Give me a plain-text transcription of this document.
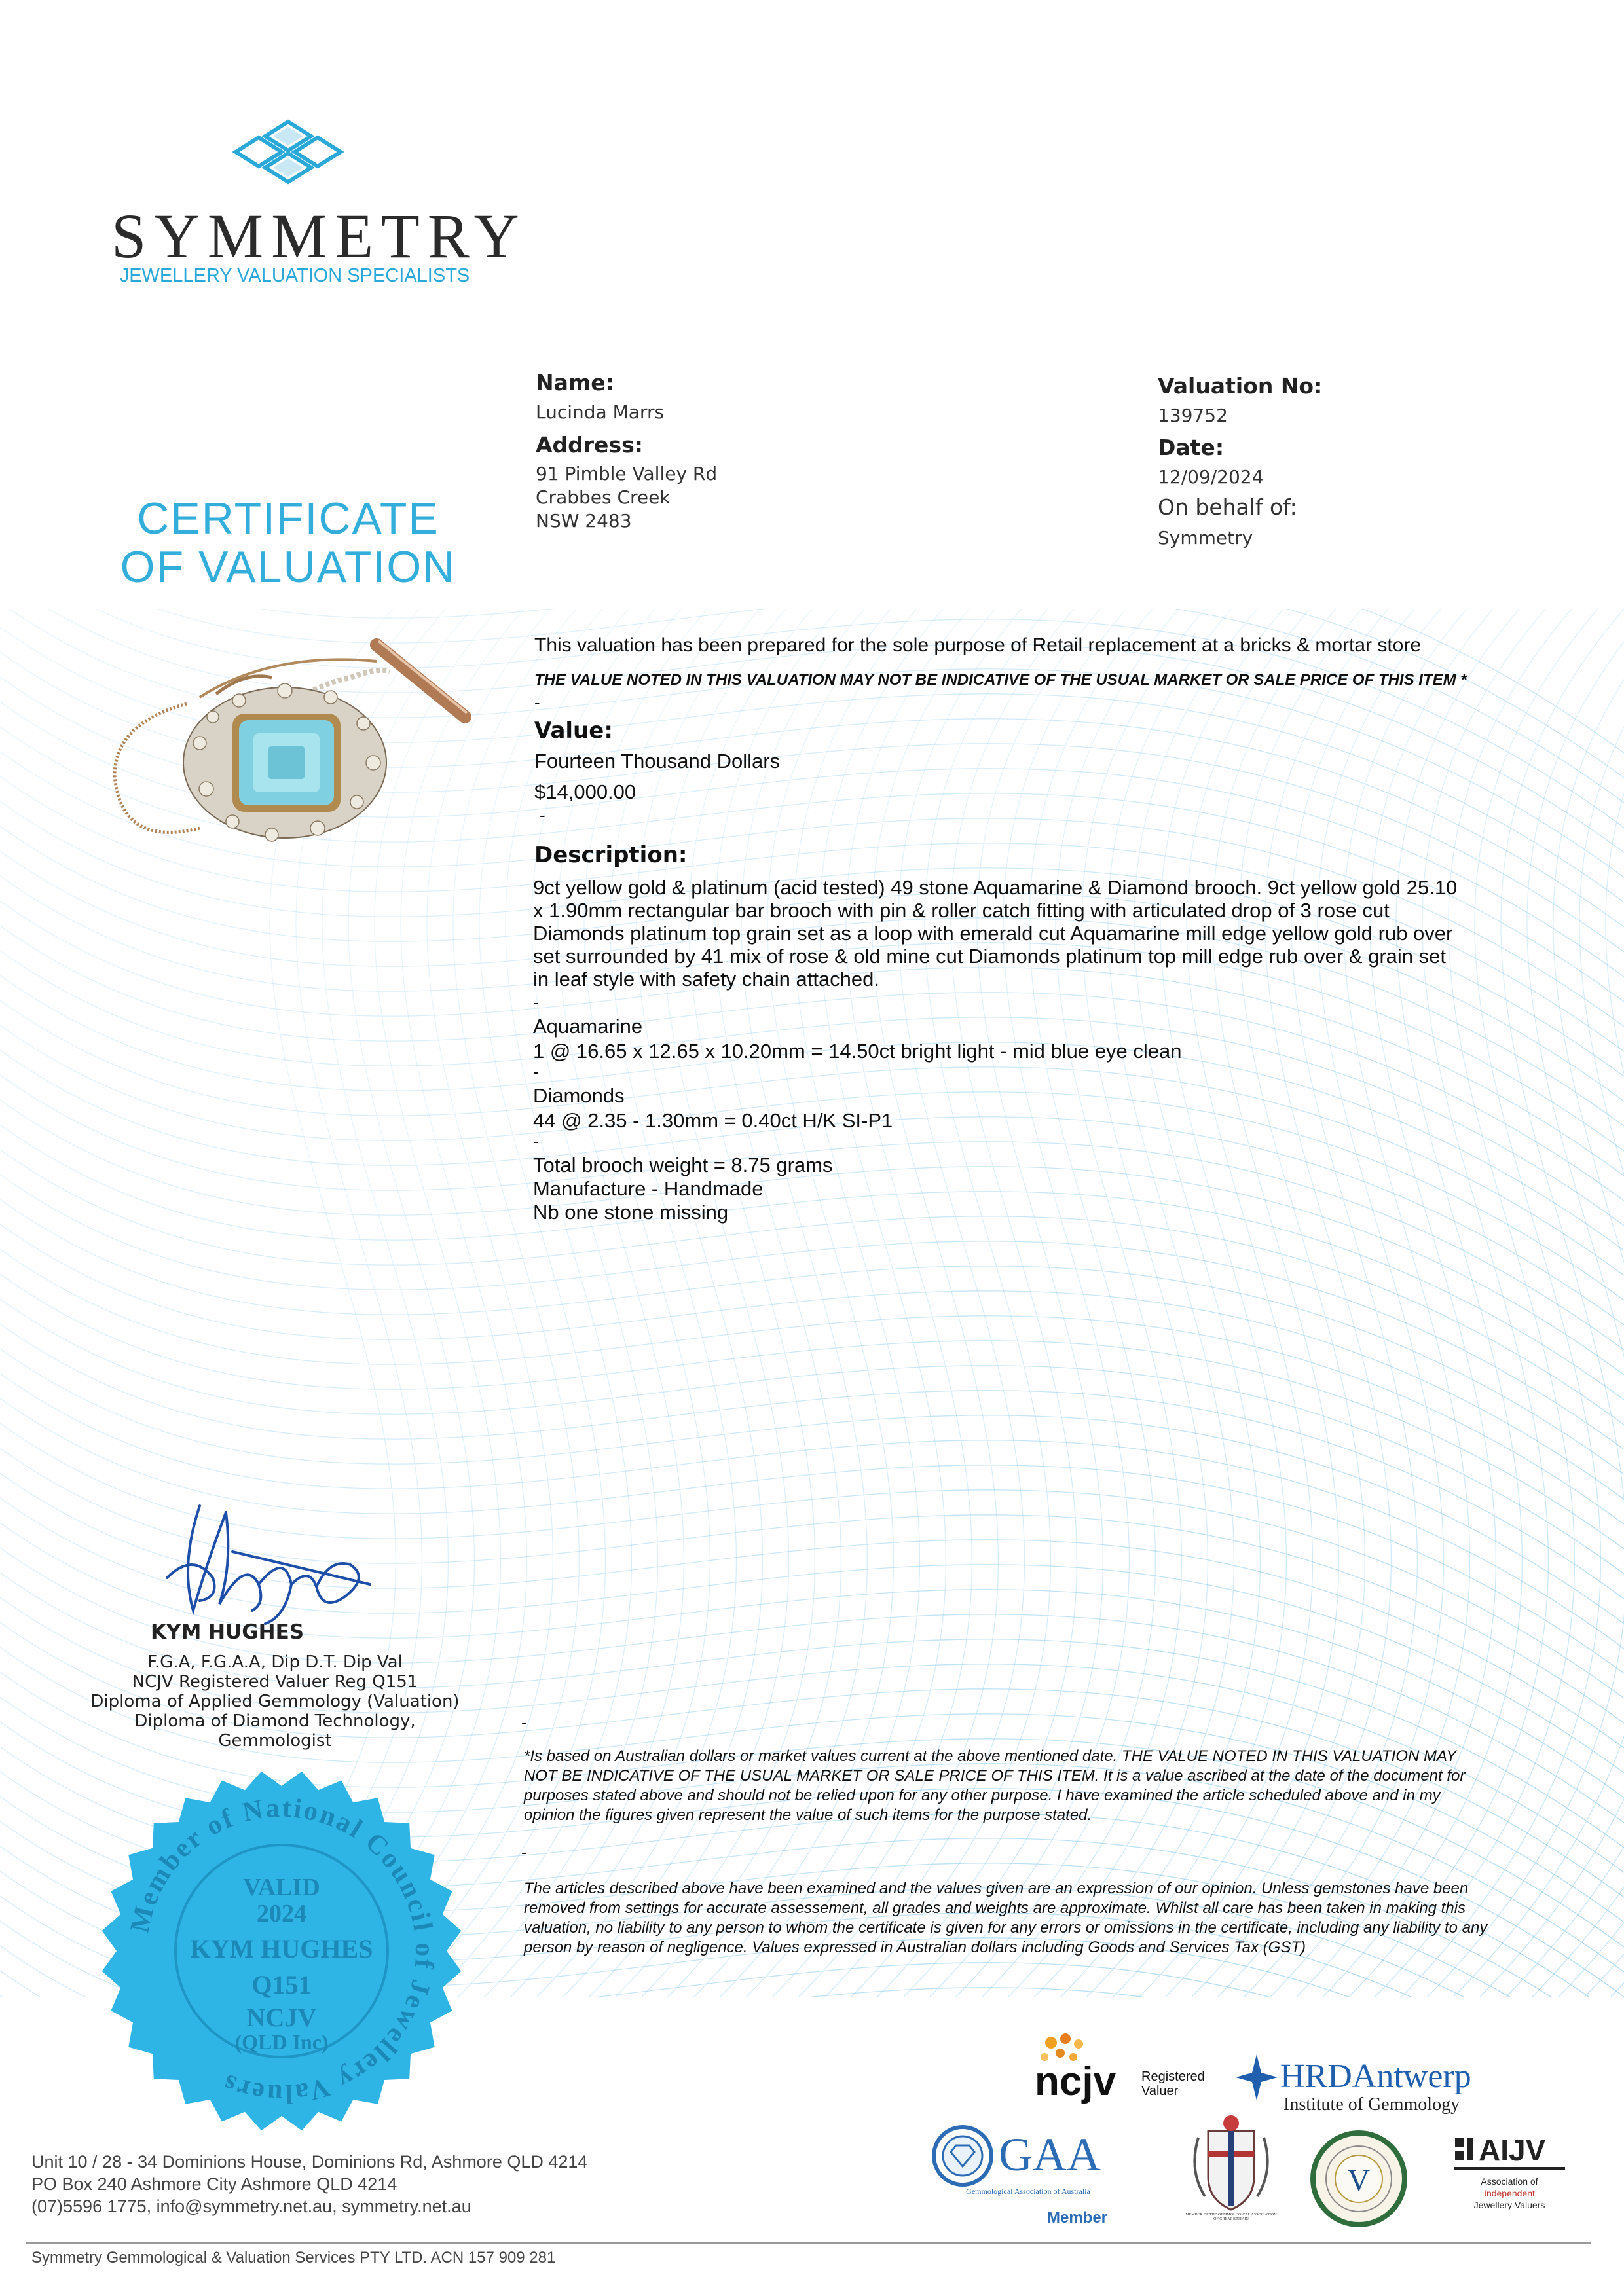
SYMMETRY
JEWELLERY VALUATION SPECIALISTS
CERTIFICATE
OF VALUATION
Name:
Lucinda Marrs
Address:
91 Pimble Valley Rd
Crabbes Creek
NSW 2483
Valuation No:
139752
Date:
12/09/2024
On behalf of:
Symmetry
This valuation has been prepared for the sole purpose of Retail replacement at a bricks & mortar store
THE VALUE NOTED IN THIS VALUATION MAY NOT BE INDICATIVE OF THE USUAL MARKET OR SALE PRICE OF THIS ITEM *
-
Value:
Fourteen Thousand Dollars
$14,000.00
-
Description:
9ct yellow gold & platinum (acid tested) 49 stone Aquamarine & Diamond brooch. 9ct yellow gold 25.10
x 1.90mm rectangular bar brooch with pin & roller catch fitting with articulated drop of 3 rose cut
Diamonds platinum top grain set as a loop with emerald cut Aquamarine mill edge yellow gold rub over
set surrounded by 41 mix of rose & old mine cut Diamonds platinum top mill edge rub over & grain set
in leaf style with safety chain attached.
-
Aquamarine
1 @ 16.65 x 12.65 x 10.20mm = 14.50ct bright light - mid blue eye clean
-
Diamonds
44 @ 2.35 - 1.30mm = 0.40ct H/K SI-P1
-
Total brooch weight = 8.75 grams
Manufacture - Handmade
Nb one stone missing
KYM HUGHES
F.G.A, F.G.A.A, Dip D.T. Dip Val
NCJV Registered Valuer Reg Q151
Diploma of Applied Gemmology (Valuation)
Diploma of Diamond Technology,
Gemmologist
Member of National Council of Jewellery Valuers
VALID
2024
KYM HUGHES
Q151
NCJV
(QLD Inc)
-
*Is based on Australian dollars or market values current at the above mentioned date. THE VALUE NOTED IN THIS VALUATION MAY NOT BE INDICATIVE OF THE USUAL MARKET OR SALE PRICE OF THIS ITEM. It is a value ascribed at the date of the document for purposes stated above and should not be relied upon for any other purpose. I have examined the article scheduled above and in my opinion the figures given represent the value of such items for the purpose stated.
-
The articles described above have been examined and the values given are an expression of our opinion. Unless gemstones have been removed from settings for accurate assessement, all grades and weights are approximate. Whilst all care has been taken in making this valuation, no liability to any person to whom the certificate is given for any errors or omissions in the certificate, including any liability to any person by reason of negligence. Values expressed in Australian dollars including Goods and Services Tax (GST)
ncjv Registered
Valuer	HRDAntwerp
Institute of Gemmology
GAA
Gemmological Association of Australia
Member	MEMBER OF THE GEMMOLOGICAL ASSOCIATION OF GREAT BRITAIN
V
AIJV
Association of
Independent
Jewellery Valuers
Unit 10 / 28 - 34 Dominions House, Dominions Rd, Ashmore QLD 4214
PO Box 240 Ashmore City Ashmore QLD 4214
(07)5596 1775, info@symmetry.net.au, symmetry.net.au
Symmetry Gemmological & Valuation Services PTY LTD. ACN 157 909 281
